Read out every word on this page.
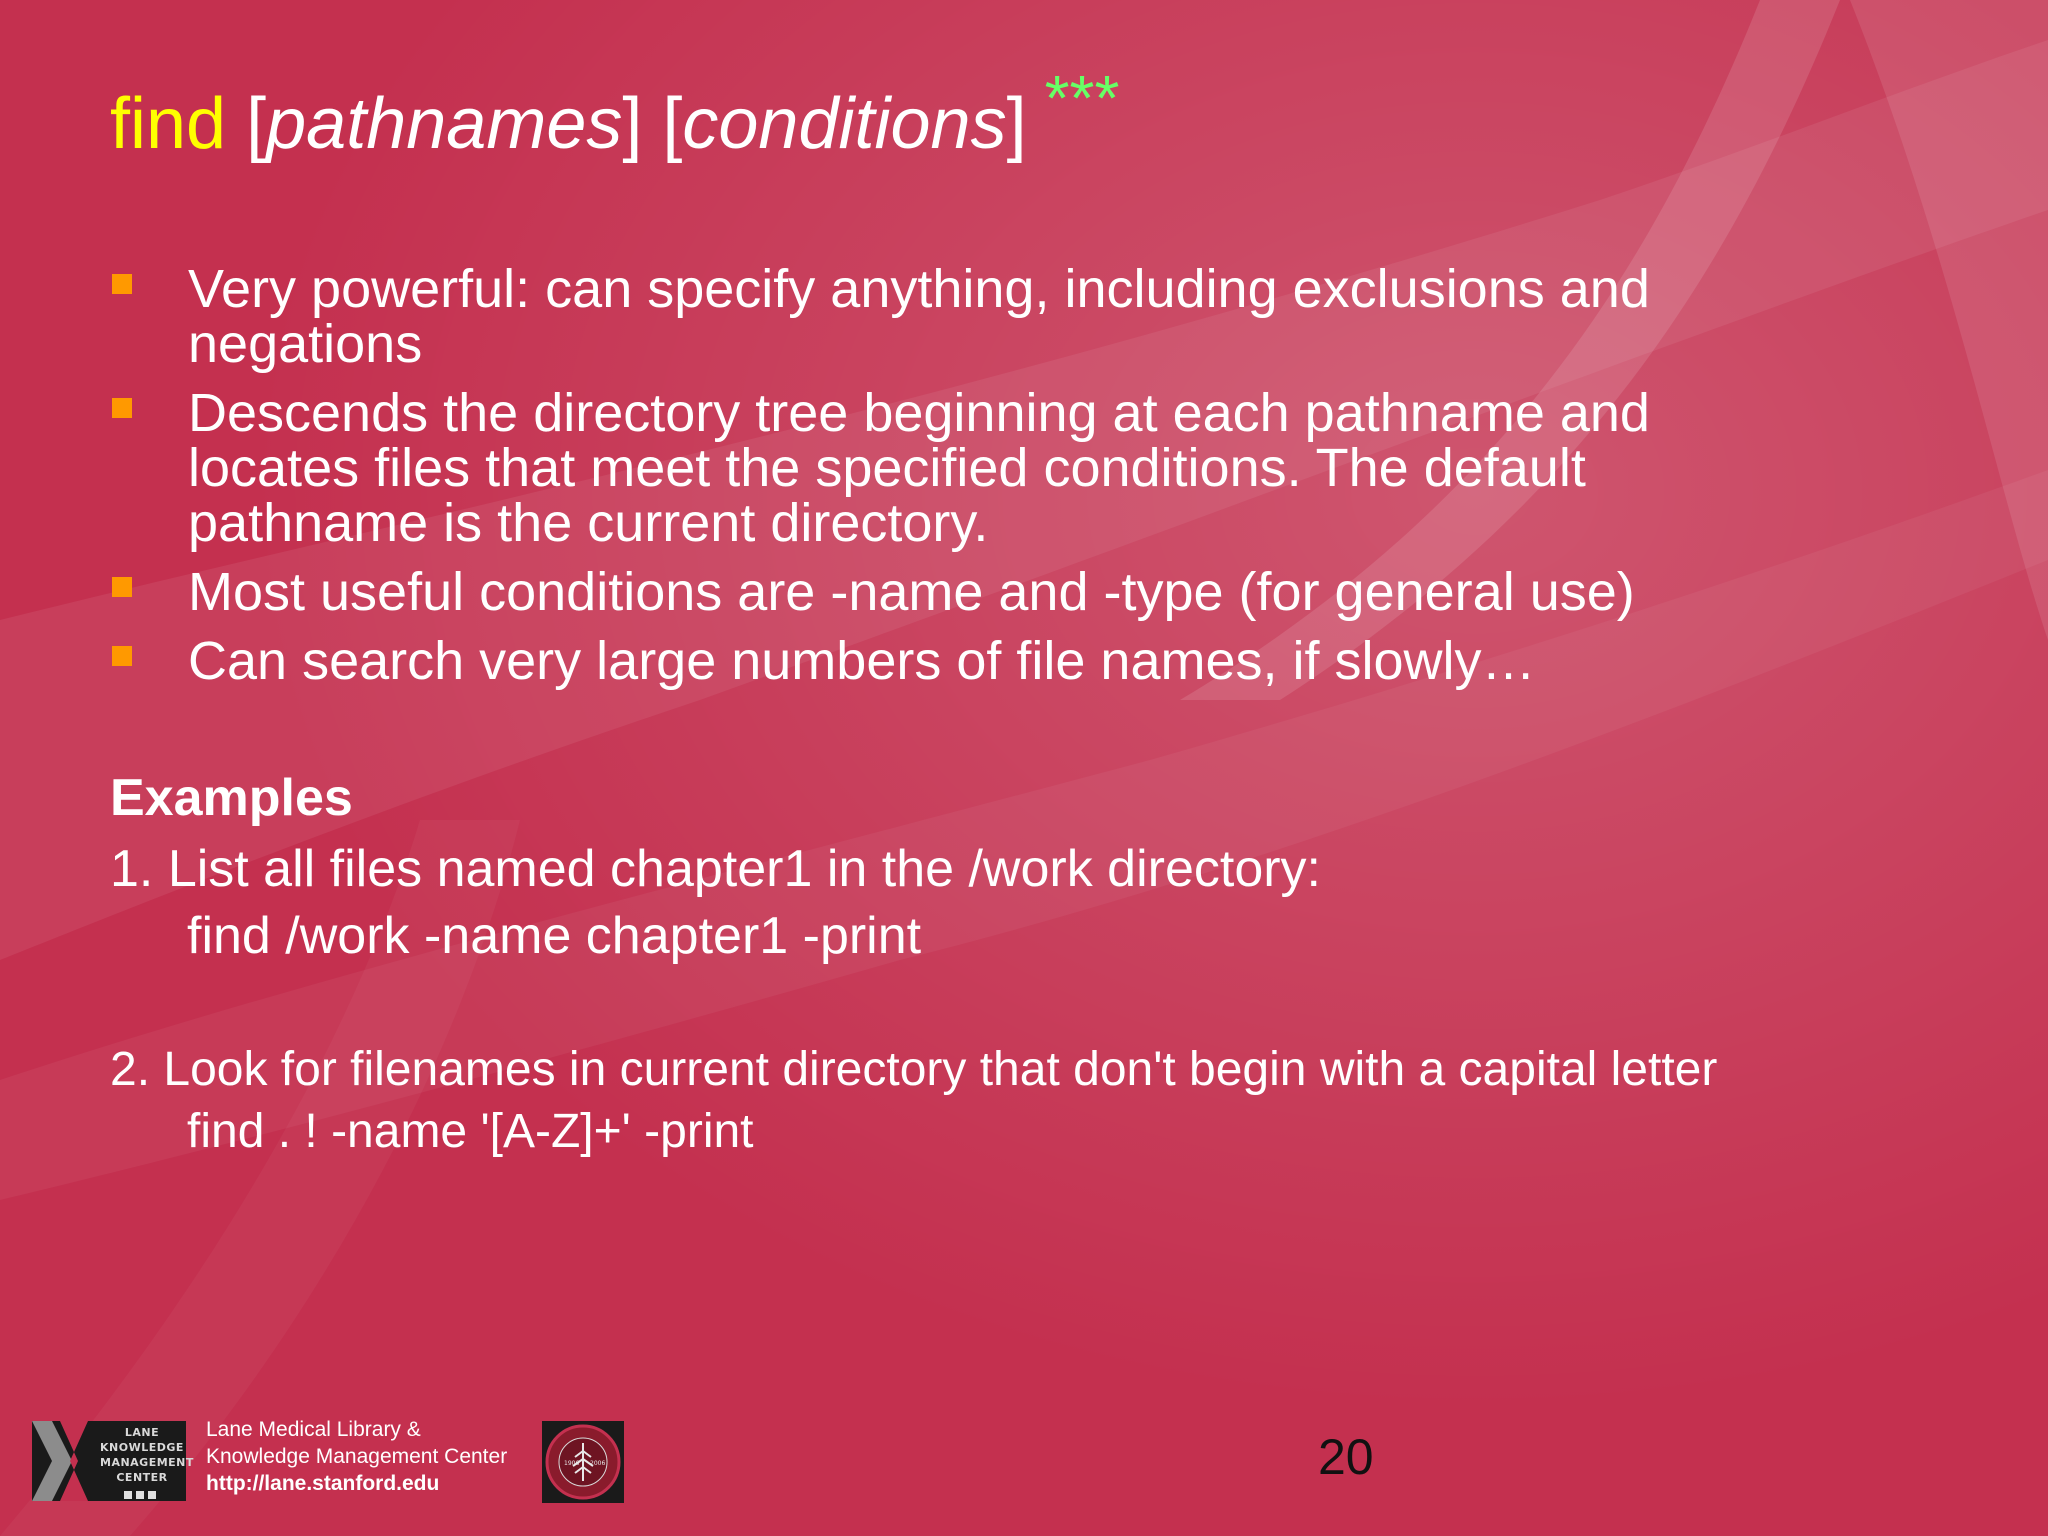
find [pathnames] [conditions] ***
Very powerful: can specify anything, including exclusions and negations
Descends the directory tree beginning at each pathname and locates files that meet the specified conditions. The default pathname is the current directory.
Most useful conditions are -name and -type (for general use)
Can search very large numbers of file names, if slowly…
Examples
1. List all files named chapter1 in the /work directory:
find /work -name chapter1 -print
2. Look for filenames in current directory that don't begin with a capital letter
find . ! -name '[A-Z]+' -print
LANE
KNOWLEDGE
MANAGEMENT
CENTER
Lane Medical Library &
Knowledge Management Center
http://lane.stanford.edu
1906 2006	20
